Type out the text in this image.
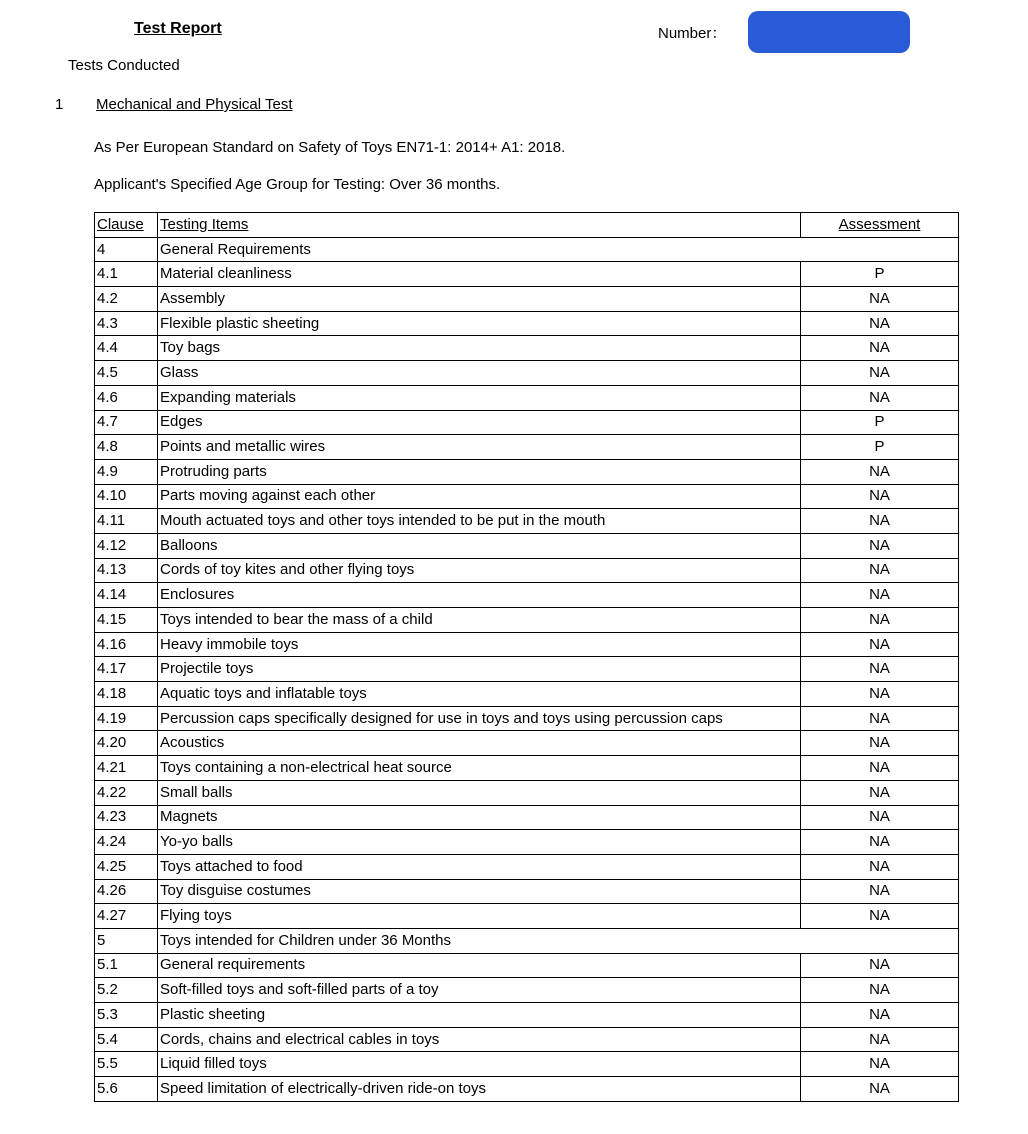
Test Report	Number：
Tests Conducted
1 Mechanical and Physical Test
As Per European Standard on Safety of Toys EN71-1: 2014+ A1: 2018.
Applicant's Specified Age Group for Testing: Over 36 months.
Clause	Testing Items	Assessment
4	General Requirements	
4.1	Material cleanliness	P
4.2	Assembly	NA
4.3	Flexible plastic sheeting	NA
4.4	Toy bags	NA
4.5	Glass	NA
4.6	Expanding materials	NA
4.7	Edges	P
4.8	Points and metallic wires	P
4.9	Protruding parts	NA
4.10	Parts moving against each other	NA
4.11	Mouth actuated toys and other toys intended to be put in the mouth	NA
4.12	Balloons	NA
4.13	Cords of toy kites and other flying toys	NA
4.14	Enclosures	NA
4.15	Toys intended to bear the mass of a child	NA
4.16	Heavy immobile toys	NA
4.17	Projectile toys	NA
4.18	Aquatic toys and inflatable toys	NA
4.19	Percussion caps specifically designed for use in toys and toys using percussion caps	NA
4.20	Acoustics	NA
4.21	Toys containing a non-electrical heat source	NA
4.22	Small balls	NA
4.23	Magnets	NA
4.24	Yo-yo balls	NA
4.25	Toys attached to food	NA
4.26	Toy disguise costumes	NA
4.27	Flying toys	NA
5	Toys intended for Children under 36 Months	
5.1	General requirements	NA
5.2	Soft-filled toys and soft-filled parts of a toy	NA
5.3	Plastic sheeting	NA
5.4	Cords, chains and electrical cables in toys	NA
5.5	Liquid filled toys	NA
5.6	Speed limitation of electrically-driven ride-on toys	NA
